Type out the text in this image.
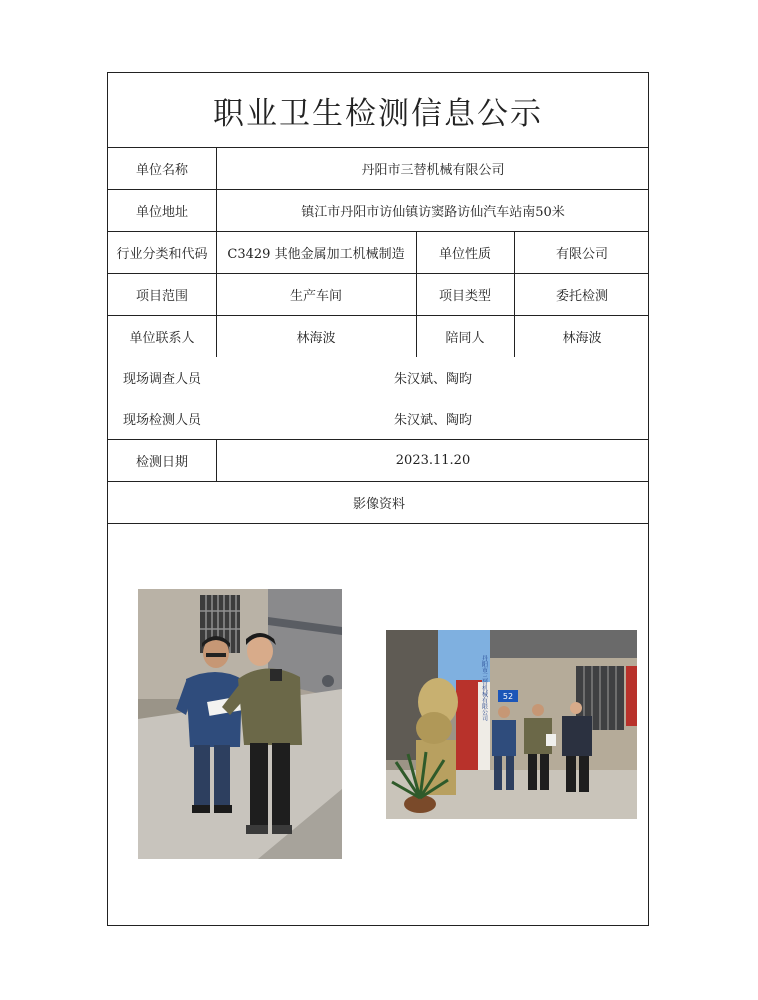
职业卫生检测信息公示
单位名称	丹阳市三替机械有限公司
单位地址	镇江市丹阳市访仙镇访窦路访仙汽车站南50米
行业分类和代码	C3429 其他金属加工机械制造	单位性质	有限公司
项目范围	生产车间	项目类型	委托检测
单位联系人	林海波	陪同人	林海波
现场调查人员	朱汉斌、陶昀
现场检测人员	朱汉斌、陶昀
检测日期	2023.11.20
影像资料
丹阳市三替机械有限公司 52
